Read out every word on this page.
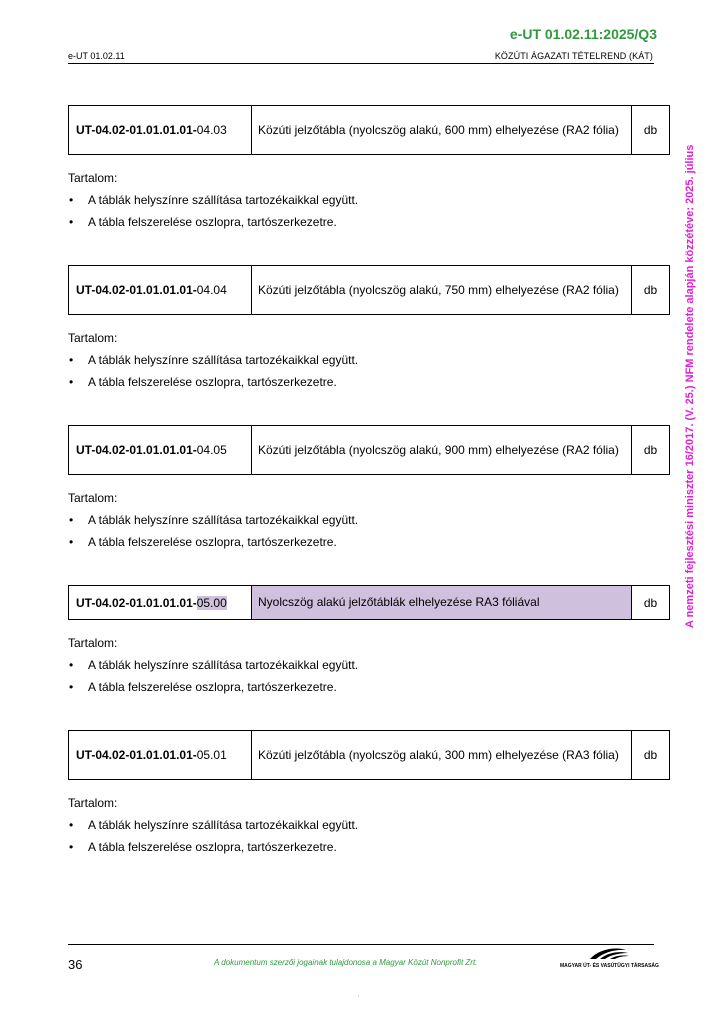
e-UT 01.02.11:2025/Q3
e-UT 01.02.11	KÖZÚTI ÁGAZATI TÉTELREND (KÁT)
A nemzeti fejlesztési miniszter 16/2017. (V. 25.) NFM rendelete alapján közzétéve: 2025. július
UT-04.02-01.01.01.01- 04.03	Közúti jelzőtábla (nyolcszög alakú, 600 mm) elhelyezése (RA2 fólia)	db
Tartalom:
• A táblák helyszínre szállítása tartozékaikkal együtt.
• A tábla felszerelése oszlopra, tartószerkezetre.
UT-04.02-01.01.01.01- 04.04	Közúti jelzőtábla (nyolcszög alakú, 750 mm) elhelyezése (RA2 fólia)	db
Tartalom:
• A táblák helyszínre szállítása tartozékaikkal együtt.
• A tábla felszerelése oszlopra, tartószerkezetre.
UT-04.02-01.01.01.01- 04.05	Közúti jelzőtábla (nyolcszög alakú, 900 mm) elhelyezése (RA2 fólia)	db
Tartalom:
• A táblák helyszínre szállítása tartozékaikkal együtt.
• A tábla felszerelése oszlopra, tartószerkezetre.
UT-04.02-01.01.01.01- 05.00	Nyolcszög alakú jelzőtáblák elhelyezése RA3 fóliával	db
Tartalom:
• A táblák helyszínre szállítása tartozékaikkal együtt.
• A tábla felszerelése oszlopra, tartószerkezetre.
UT-04.02-01.01.01.01- 05.01	Közúti jelzőtábla (nyolcszög alakú, 300 mm) elhelyezése (RA3 fólia)	db
Tartalom:
• A táblák helyszínre szállítása tartozékaikkal együtt.
• A tábla felszerelése oszlopra, tartószerkezetre.
36	A dokumentum szerzői jogainak tulajdonosa a Magyar Közút Nonprofit Zrt.	MAGYAR ÚT- ÉS VASÚTÜGYI TÁRSASÁG
